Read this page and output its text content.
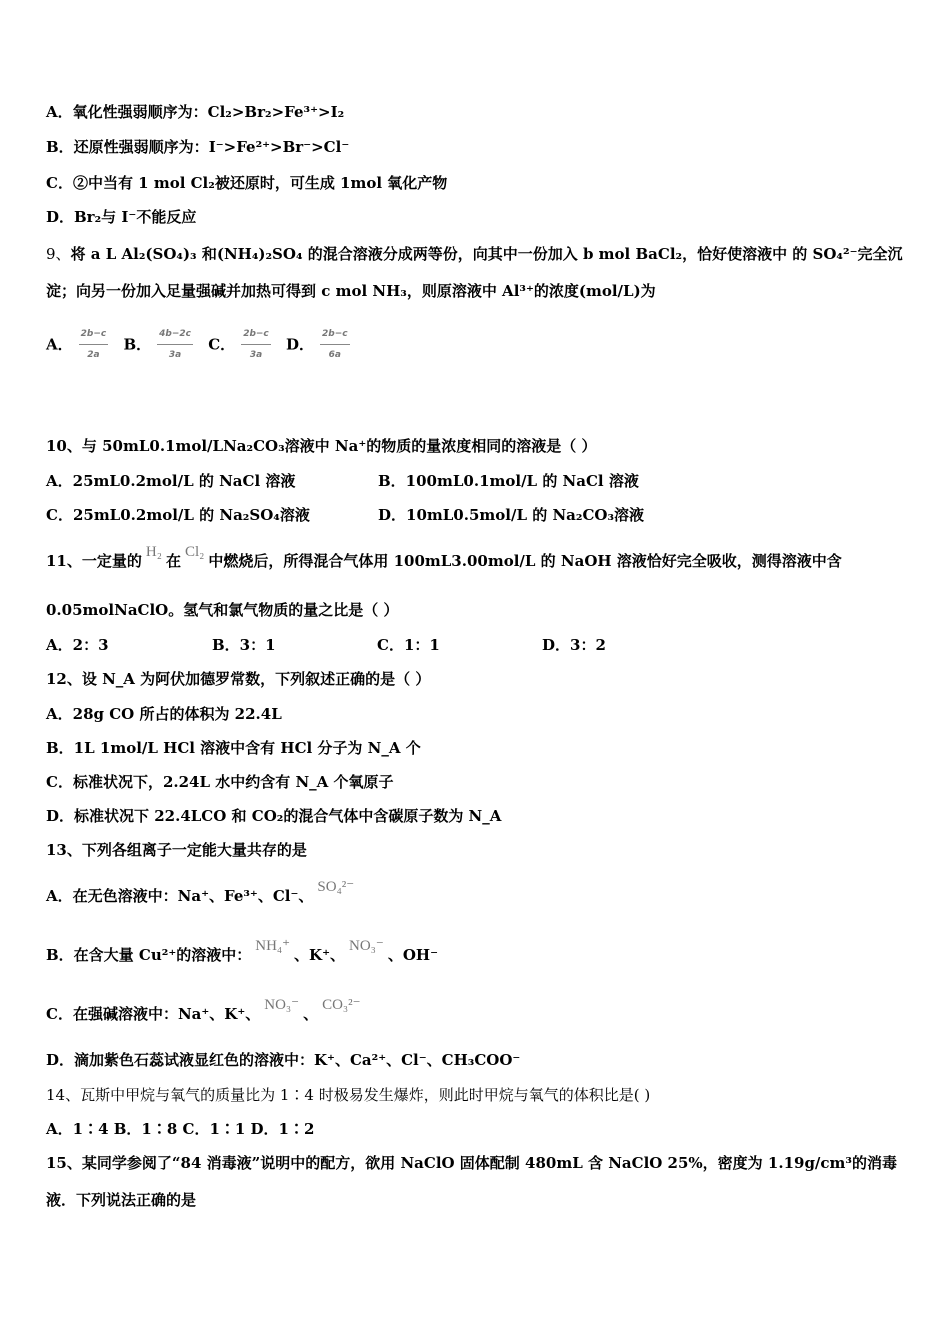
A．氧化性强弱顺序为：Cl₂>Br₂>Fe³⁺>I₂
B．还原性强弱顺序为：I⁻>Fe²⁺>Br⁻>Cl⁻
C．②中当有 1 mol Cl₂被还原时，可生成 1mol 氧化产物
D．Br₂与 I⁻不能反应
9、将 a L Al₂(SO₄)₃ 和(NH₄)₂SO₄ 的混合溶液分成两等份，向其中一份加入 b mol BaCl₂，恰好使溶液中 的 SO₄²⁻完全沉
淀；向另一份加入足量强碱并加热可得到 c mol NH₃，则原溶液中 Al³⁺的浓度(mol/L)为
A． $\frac{2b-c}{2a}$ B． $\frac{4b-2c}{3a}$ C． $\frac{2b-c}{3a}$ D． $\frac{2b-c}{6a}$
10、与 50mL0.1mol/LNa₂CO₃溶液中 Na⁺的物质的量浓度相同的溶液是（ ）
A．25mL0.2mol/L 的 NaCl 溶液	B．100mL0.1mol/L 的 NaCl 溶液
C．25mL0.2mol/L 的 Na₂SO₄溶液	D．10mL0.5mol/L 的 Na₂CO₃溶液
11、一定量的 H₂ 在 Cl₂ 中燃烧后，所得混合气体用 100mL3.00mol/L 的 NaOH 溶液恰好完全吸收，测得溶液中含
0.05molNaClO。氢气和氯气物质的量之比是（ ）
A．2：3	B．3：1	C．1：1	D．3：2
12、设 N_A 为阿伏加德罗常数，下列叙述正确的是（ ）
A．28g CO 所占的体积为 22.4L
B．1L 1mol/L HCl 溶液中含有 HCl 分子为 N_A 个
C．标准状况下，2.24L 水中约含有 N_A 个氧原子
D．标准状况下 22.4LCO 和 CO₂的混合气体中含碳原子数为 N_A
13、下列各组离子一定能大量共存的是
A．在无色溶液中：Na⁺、Fe³⁺、Cl⁻、 SO₄²⁻
B．在含大量 Cu²⁺的溶液中： NH₄⁺ 、K⁺、 NO₃⁻ 、OH⁻
C．在强碱溶液中：Na⁺、K⁺、 NO₃⁻ 、 CO₃²⁻
D．滴加紫色石蕊试液显红色的溶液中：K⁺、Ca²⁺、Cl⁻、CH₃COO⁻
14、瓦斯中甲烷与氧气的质量比为 1∶4 时极易发生爆炸，则此时甲烷与氧气的体积比是( )
A．1∶4 B．1∶8 C．1∶1 D．1∶2
15、某同学参阅了“84 消毒液”说明中的配方，欲用 NaClO 固体配制 480mL 含 NaClO 25%，密度为 1.19g/cm³的消毒
液．下列说法正确的是
